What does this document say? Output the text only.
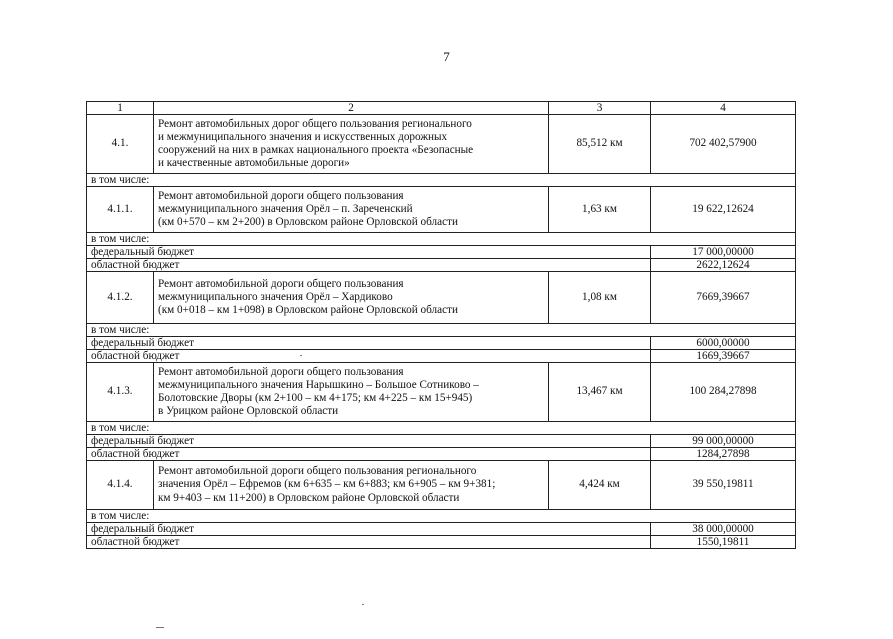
7
1	2	3	4
4.1.	Ремонт автомобильных дорог общего пользования регионального
и межмуниципального значения и искусственных дорожных
сооружений на них в рамках национального проекта «Безопасные
и качественные автомобильные дороги»	85,512 км	702 402,57900
в том числе:			
4.1.1.	Ремонт автомобильной дороги общего пользования
межмуниципального значения Орёл – п. Зареченский
(км 0+570 – км 2+200) в Орловском районе Орловской области	1,63 км	19 622,12624
в том числе:			
федеральный бюджет			17 000,00000
областной бюджет			2622,12624
4.1.2.	Ремонт автомобильной дороги общего пользования
межмуниципального значения Орёл – Хардиково
(км 0+018 – км 1+098) в Орловском районе Орловской области	1,08 км	7669,39667
в том числе:			
федеральный бюджет			6000,00000
областной бюджет			1669,39667
4.1.3.	Ремонт автомобильной дороги общего пользования
межмуниципального значения Нарышкино – Большое Сотниково –
Болотовские Дворы (км 2+100 – км 4+175; км 4+225 – км 15+945)
в Урицком районе Орловской области	13,467 км	100 284,27898
в том числе:			
федеральный бюджет			99 000,00000
областной бюджет			1284,27898
4.1.4.	Ремонт автомобильной дороги общего пользования регионального
значения Орёл – Ефремов (км 6+635 – км 6+883; км 6+905 – км 9+381;
км 9+403 – км 11+200) в Орловском районе Орловской области	4,424 км	39 550,19811
в том числе:			
федеральный бюджет			38 000,00000
областной бюджет			1550,19811
